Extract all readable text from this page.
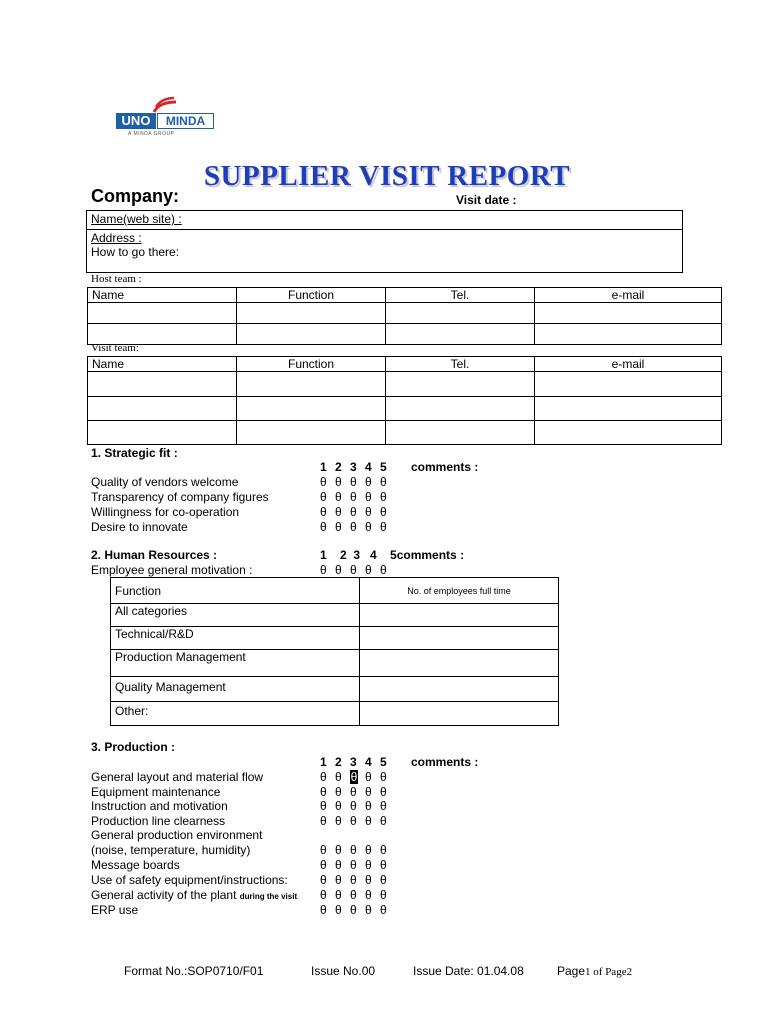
UNO	MINDA
A MINDA GROUP
SUPPLIER VISIT REPORT
Company:	Visit date :
Name(web site) :
Address :
How to go there:
Host team :
Name	Function	Tel.	e-mail

Visit team:
Name	Function	Tel.	e-mail

1. Strategic fit :
1 2 3 4 5	comments :
Quality of vendors welcome	θ θ θ θ θ
Transparency of company figures	θ θ θ θ θ
Willingness for co-operation	θ θ θ θ θ
Desire to innovate	θ θ θ θ θ
2. Human Resources :	1    2  3   4    5comments :
Employee general motivation :	θ θ θ θ θ
Function	No. of employees full time
All categories	
Technical/R&D	
Production Management	
Quality Management	
Other:	
3. Production :
1 2 3 4 5	comments :
General layout and material flow	θ θ θ θ θ
Equipment maintenance	θ θ θ θ θ
Instruction and motivation	θ θ θ θ θ
Production line clearness	θ θ θ θ θ
General production environment
(noise, temperature, humidity)	θ θ θ θ θ
Message boards	θ θ θ θ θ
Use of safety equipment/instructions:	θ θ θ θ θ
General activity of the plant during the visit θ θ θ θ θ
ERP use	θ θ θ θ θ
Format No.:SOP0710/F01	Issue No.00	Issue Date: 01.04.08	Page1 of Page2
